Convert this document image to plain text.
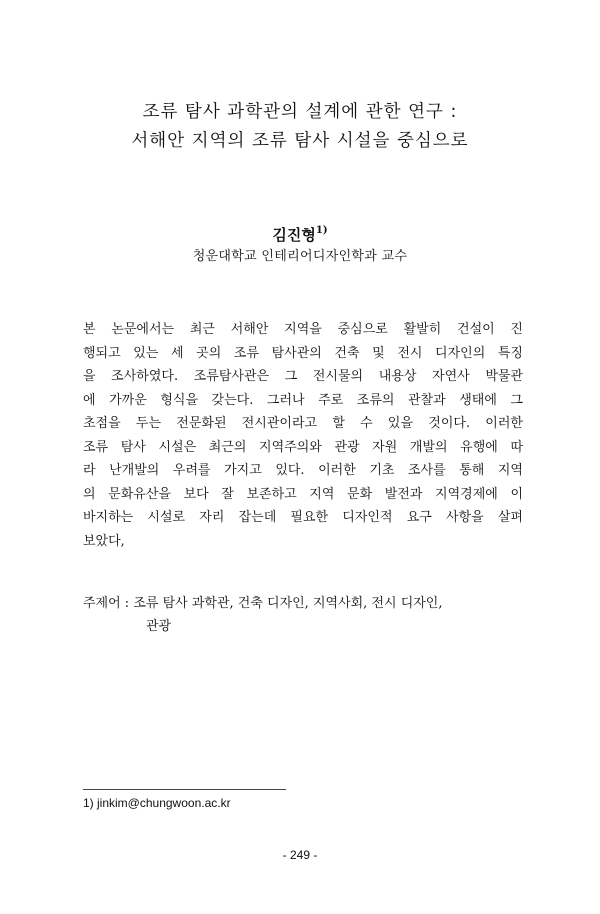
조류 탐사 과학관의 설계에 관한 연구 :
서해안 지역의 조류 탐사 시설을 중심으로
김진형$^{1)}$
청운대학교 인테리어디자인학과 교수
본 논문에서는 최근 서해안 지역을 중심으로 활발히 건설이 진
행되고 있는 세 곳의 조류 탐사관의 건축 및 전시 디자인의 특징
을 조사하였다. 조류탐사관은 그 전시물의 내용상 자연사 박물관
에 가까운 형식을 갖는다. 그러나 주로 조류의 관찰과 생태에 그
초점을 두는 전문화된 전시관이라고 할 수 있을 것이다. 이러한
조류 탐사 시설은 최근의 지역주의와 관광 자원 개발의 유행에 따
라 난개발의 우려를 가지고 있다. 이러한 기초 조사를 통해 지역
의 문화유산을 보다 잘 보존하고 지역 문화 발전과 지역경제에 이
바지하는 시설로 자리 잡는데 필요한 디자인적 요구 사항을 살펴
보았다,
주제어 : 조류 탐사 과학관, 건축 디자인, 지역사회, 전시 디자인,
관광
1) jinkim@chungwoon.ac.kr
- 249 -
